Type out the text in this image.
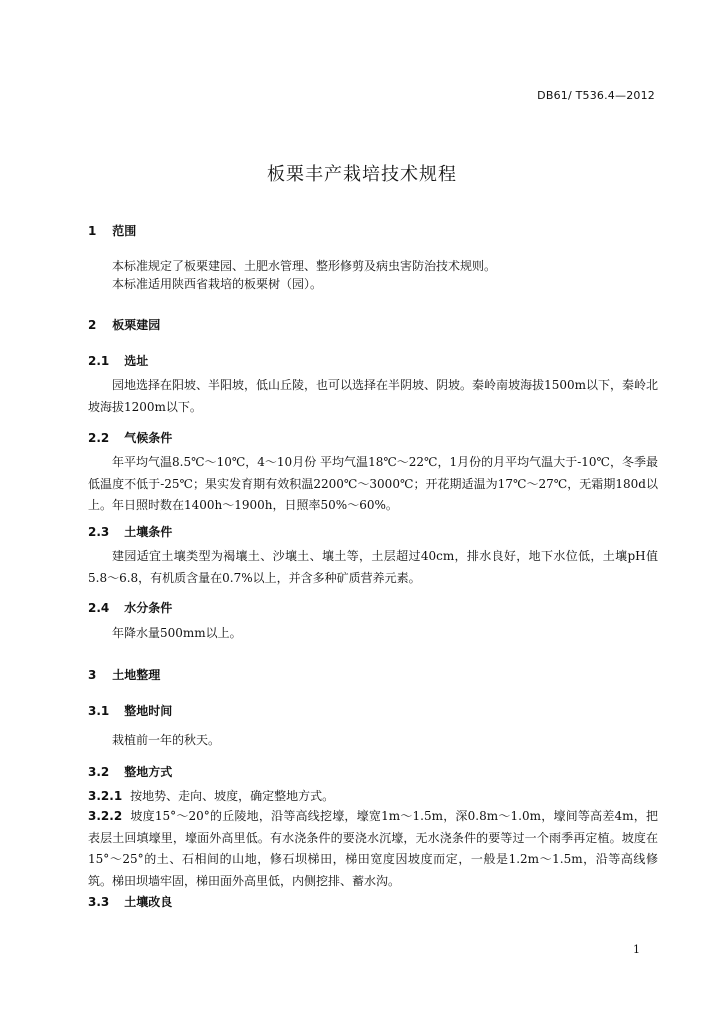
DB61/ T536.4—2012
板栗丰产栽培技术规程
1 范围

本标准规定了板栗建园、土肥水管理、整形修剪及病虫害防治技术规则。

本标准适用陕西省栽培的板栗树（园）。

2 板栗建园
2.1 选址

园地选择在阳坡、半阳坡，低山丘陵，也可以选择在半阴坡、阴坡。秦岭南坡海拔1500m以下，秦岭北坡海拔1200m以下。

2.2 气候条件

年平均气温8.5℃～10℃，4～10月份 平均气温18℃～22℃，1月份的月平均气温大于-10℃，冬季最低温度不低于-25℃；果实发育期有效积温2200℃～3000℃；开花期适温为17℃～27℃，无霜期180d以上。年日照时数在1400h～1900h，日照率50%～60%。

2.3 土壤条件

建园适宜土壤类型为褐壤土、沙壤土、壤土等，土层超过40cm，排水良好，地下水位低，土壤pH值5.8～6.8，有机质含量在0.7%以上，并含多种矿质营养元素。

2.4 水分条件

年降水量500mm以上。

3 土地整理
3.1 整地时间

栽植前一年的秋天。

3.2 整地方式

3.2.1 按地势、走向、坡度，确定整地方式。

3.2.2 坡度15°～20°的丘陵地，沿等高线挖壕，壕宽1m～1.5m，深0.8m～1.0m，壕间等高差4m，把表层土回填壕里，壕面外高里低。有水浇条件的要浇水沉壕，无水浇条件的要等过一个雨季再定植。坡度在15°～25°的土、石相间的山地，修石坝梯田，梯田宽度因坡度而定，一般是1.2m～1.5m，沿等高线修筑。梯田坝墙牢固，梯田面外高里低，内侧挖排、蓄水沟。

3.3 土壤改良
1
